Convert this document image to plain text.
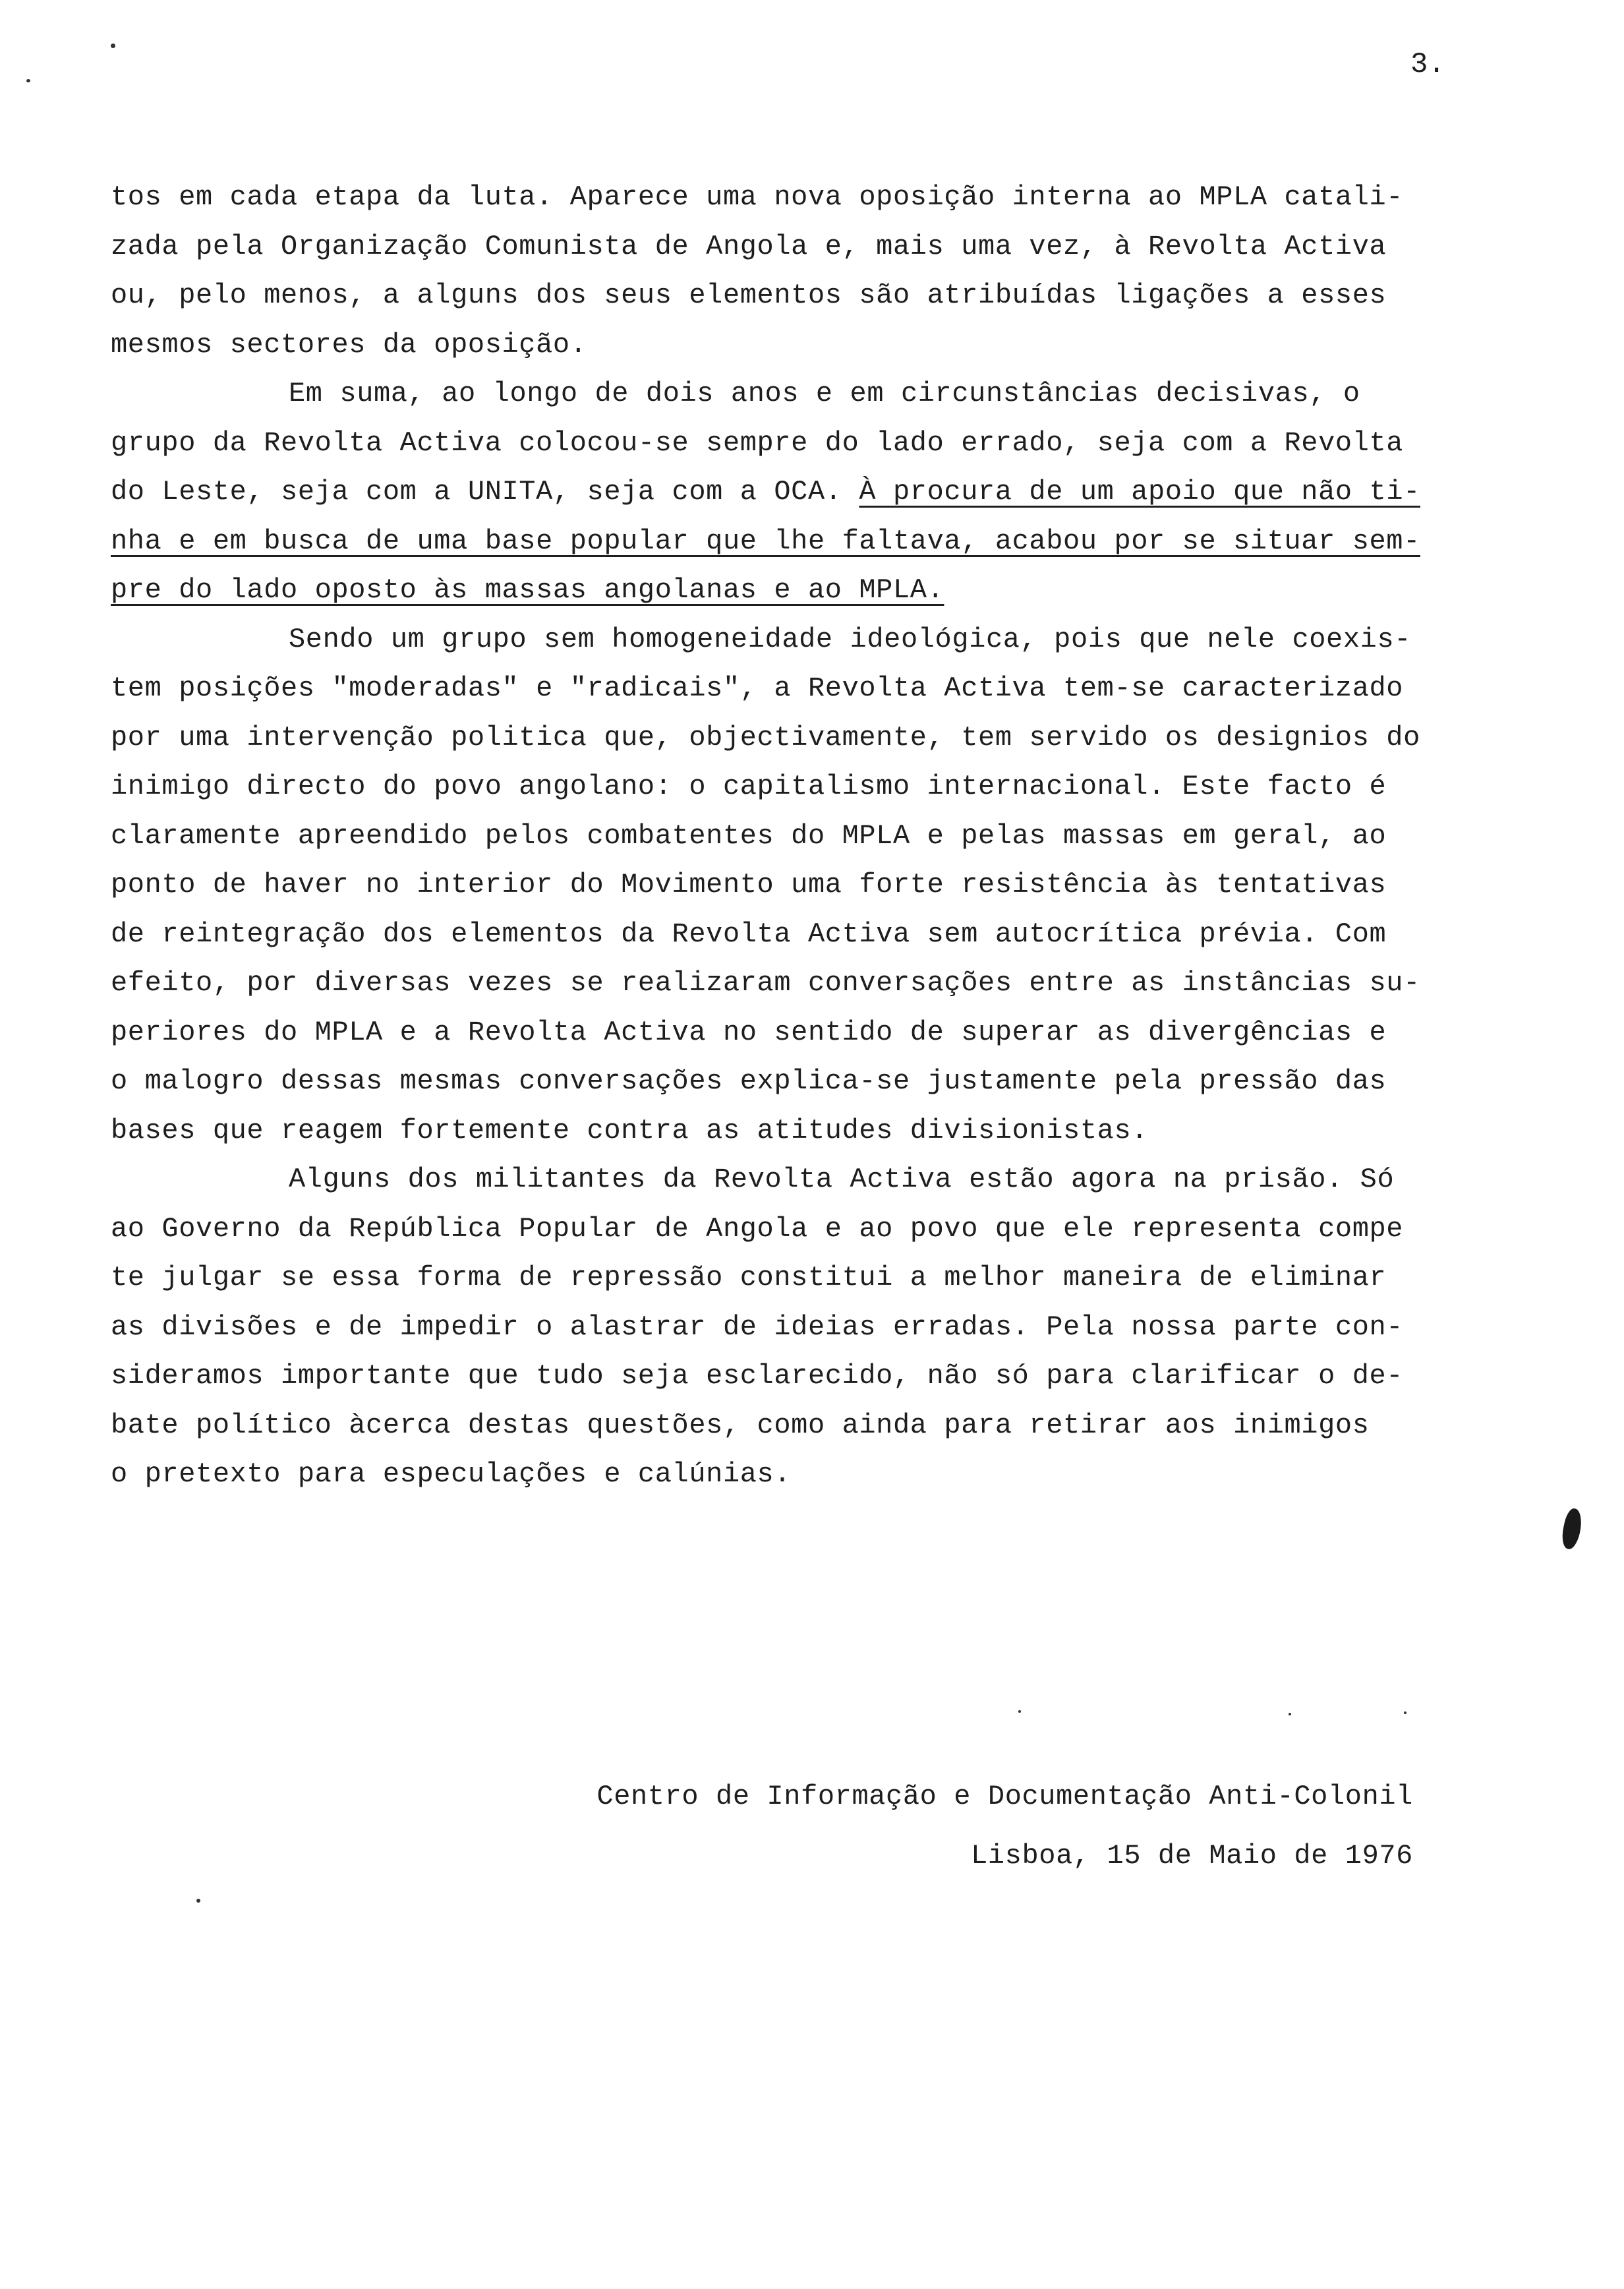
3.
tos em cada etapa da luta. Aparece uma nova oposição interna ao MPLA catali-
zada pela Organização Comunista de Angola e, mais uma vez, à Revolta Activa
ou, pelo menos, a alguns dos seus elementos são atribuídas ligações a esses
mesmos sectores da oposição.
Em suma, ao longo de dois anos e em circunstâncias decisivas, o
grupo da Revolta Activa colocou-se sempre do lado errado, seja com a Revolta
do Leste, seja com a UNITA, seja com a OCA. À procura de um apoio que não ti-
nha e em busca de uma base popular que lhe faltava, acabou por se situar sem-
pre do lado oposto às massas angolanas e ao MPLA.
Sendo um grupo sem homogeneidade ideológica, pois que nele coexis-
tem posições "moderadas" e "radicais", a Revolta Activa tem-se caracterizado
por uma intervenção politica que, objectivamente, tem servido os designios do
inimigo directo do povo angolano: o capitalismo internacional. Este facto é
claramente apreendido pelos combatentes do MPLA e pelas massas em geral, ao
ponto de haver no interior do Movimento uma forte resistência às tentativas
de reintegração dos elementos da Revolta Activa sem autocrítica prévia. Com
efeito, por diversas vezes se realizaram conversações entre as instâncias su-
periores do MPLA e a Revolta Activa no sentido de superar as divergências e
o malogro dessas mesmas conversações explica-se justamente pela pressão das
bases que reagem fortemente contra as atitudes divisionistas.
Alguns dos militantes da Revolta Activa estão agora na prisão. Só
ao Governo da República Popular de Angola e ao povo que ele representa compe
te julgar se essa forma de repressão constitui a melhor maneira de eliminar
as divisões e de impedir o alastrar de ideias erradas. Pela nossa parte con-
sideramos importante que tudo seja esclarecido, não só para clarificar o de-
bate político àcerca destas questões, como ainda para retirar aos inimigos
o pretexto para especulações e calúnias.
Centro de Informação e Documentação Anti-Colonil
Lisboa, 15 de Maio de 1976
